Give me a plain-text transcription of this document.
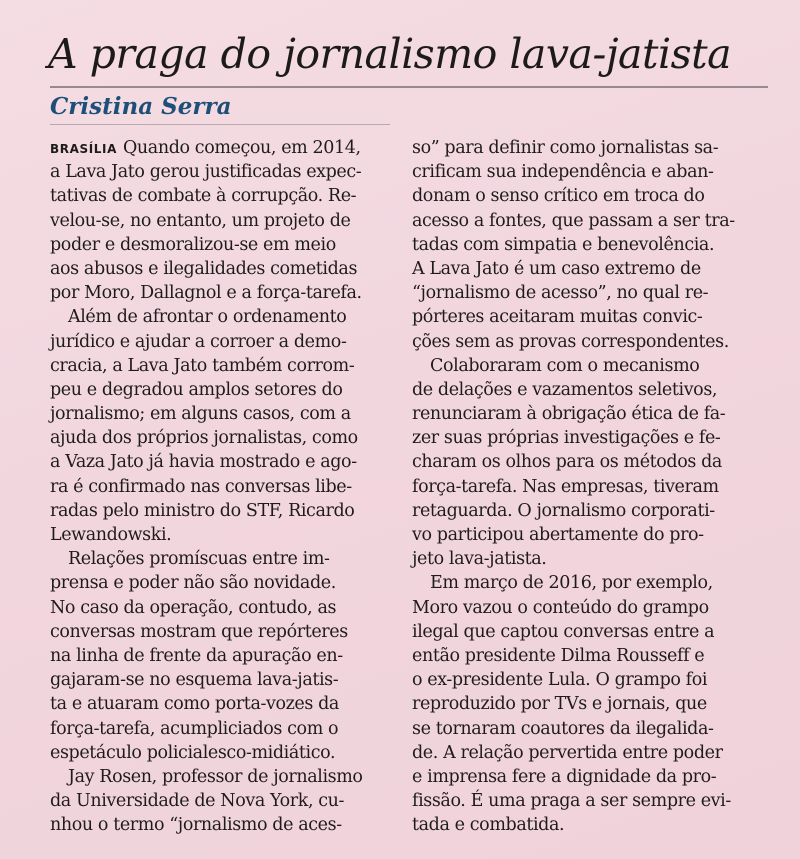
A praga do jornalismo lava-jatista
Cristina Serra
BRASÍLIA Quando começou, em 2014,
a Lava Jato gerou justificadas expec-
tativas de combate à corrupção. Re-
velou-se, no entanto, um projeto de
poder e desmoralizou-se em meio
aos abusos e ilegalidades cometidas
por Moro, Dallagnol e a força-tarefa.
Além de afrontar o ordenamento
jurídico e ajudar a corroer a demo-
cracia, a Lava Jato também corrom-
peu e degradou amplos setores do
jornalismo; em alguns casos, com a
ajuda dos próprios jornalistas, como
a Vaza Jato já havia mostrado e ago-
ra é confirmado nas conversas libe-
radas pelo ministro do STF, Ricardo
Lewandowski.
Relações promíscuas entre im-
prensa e poder não são novidade.
No caso da operação, contudo, as
conversas mostram que repórteres
na linha de frente da apuração en-
gajaram-se no esquema lava-jatis-
ta e atuaram como porta-vozes da
força-tarefa, acumpliciados com o
espetáculo policialesco-midiático.
Jay Rosen, professor de jornalismo
da Universidade de Nova York, cu-
nhou o termo “jornalismo de aces-
so” para definir como jornalistas sa-
crificam sua independência e aban-
donam o senso crítico em troca do
acesso a fontes, que passam a ser tra-
tadas com simpatia e benevolência.
A Lava Jato é um caso extremo de
“jornalismo de acesso”, no qual re-
pórteres aceitaram muitas convic-
ções sem as provas correspondentes.
Colaboraram com o mecanismo
de delações e vazamentos seletivos,
renunciaram à obrigação ética de fa-
zer suas próprias investigações e fe-
charam os olhos para os métodos da
força-tarefa. Nas empresas, tiveram
retaguarda. O jornalismo corporati-
vo participou abertamente do pro-
jeto lava-jatista.
Em março de 2016, por exemplo,
Moro vazou o conteúdo do grampo
ilegal que captou conversas entre a
então presidente Dilma Rousseff e
o ex-presidente Lula. O grampo foi
reproduzido por TVs e jornais, que
se tornaram coautores da ilegalida-
de. A relação pervertida entre poder
e imprensa fere a dignidade da pro-
fissão. É uma praga a ser sempre evi-
tada e combatida.
